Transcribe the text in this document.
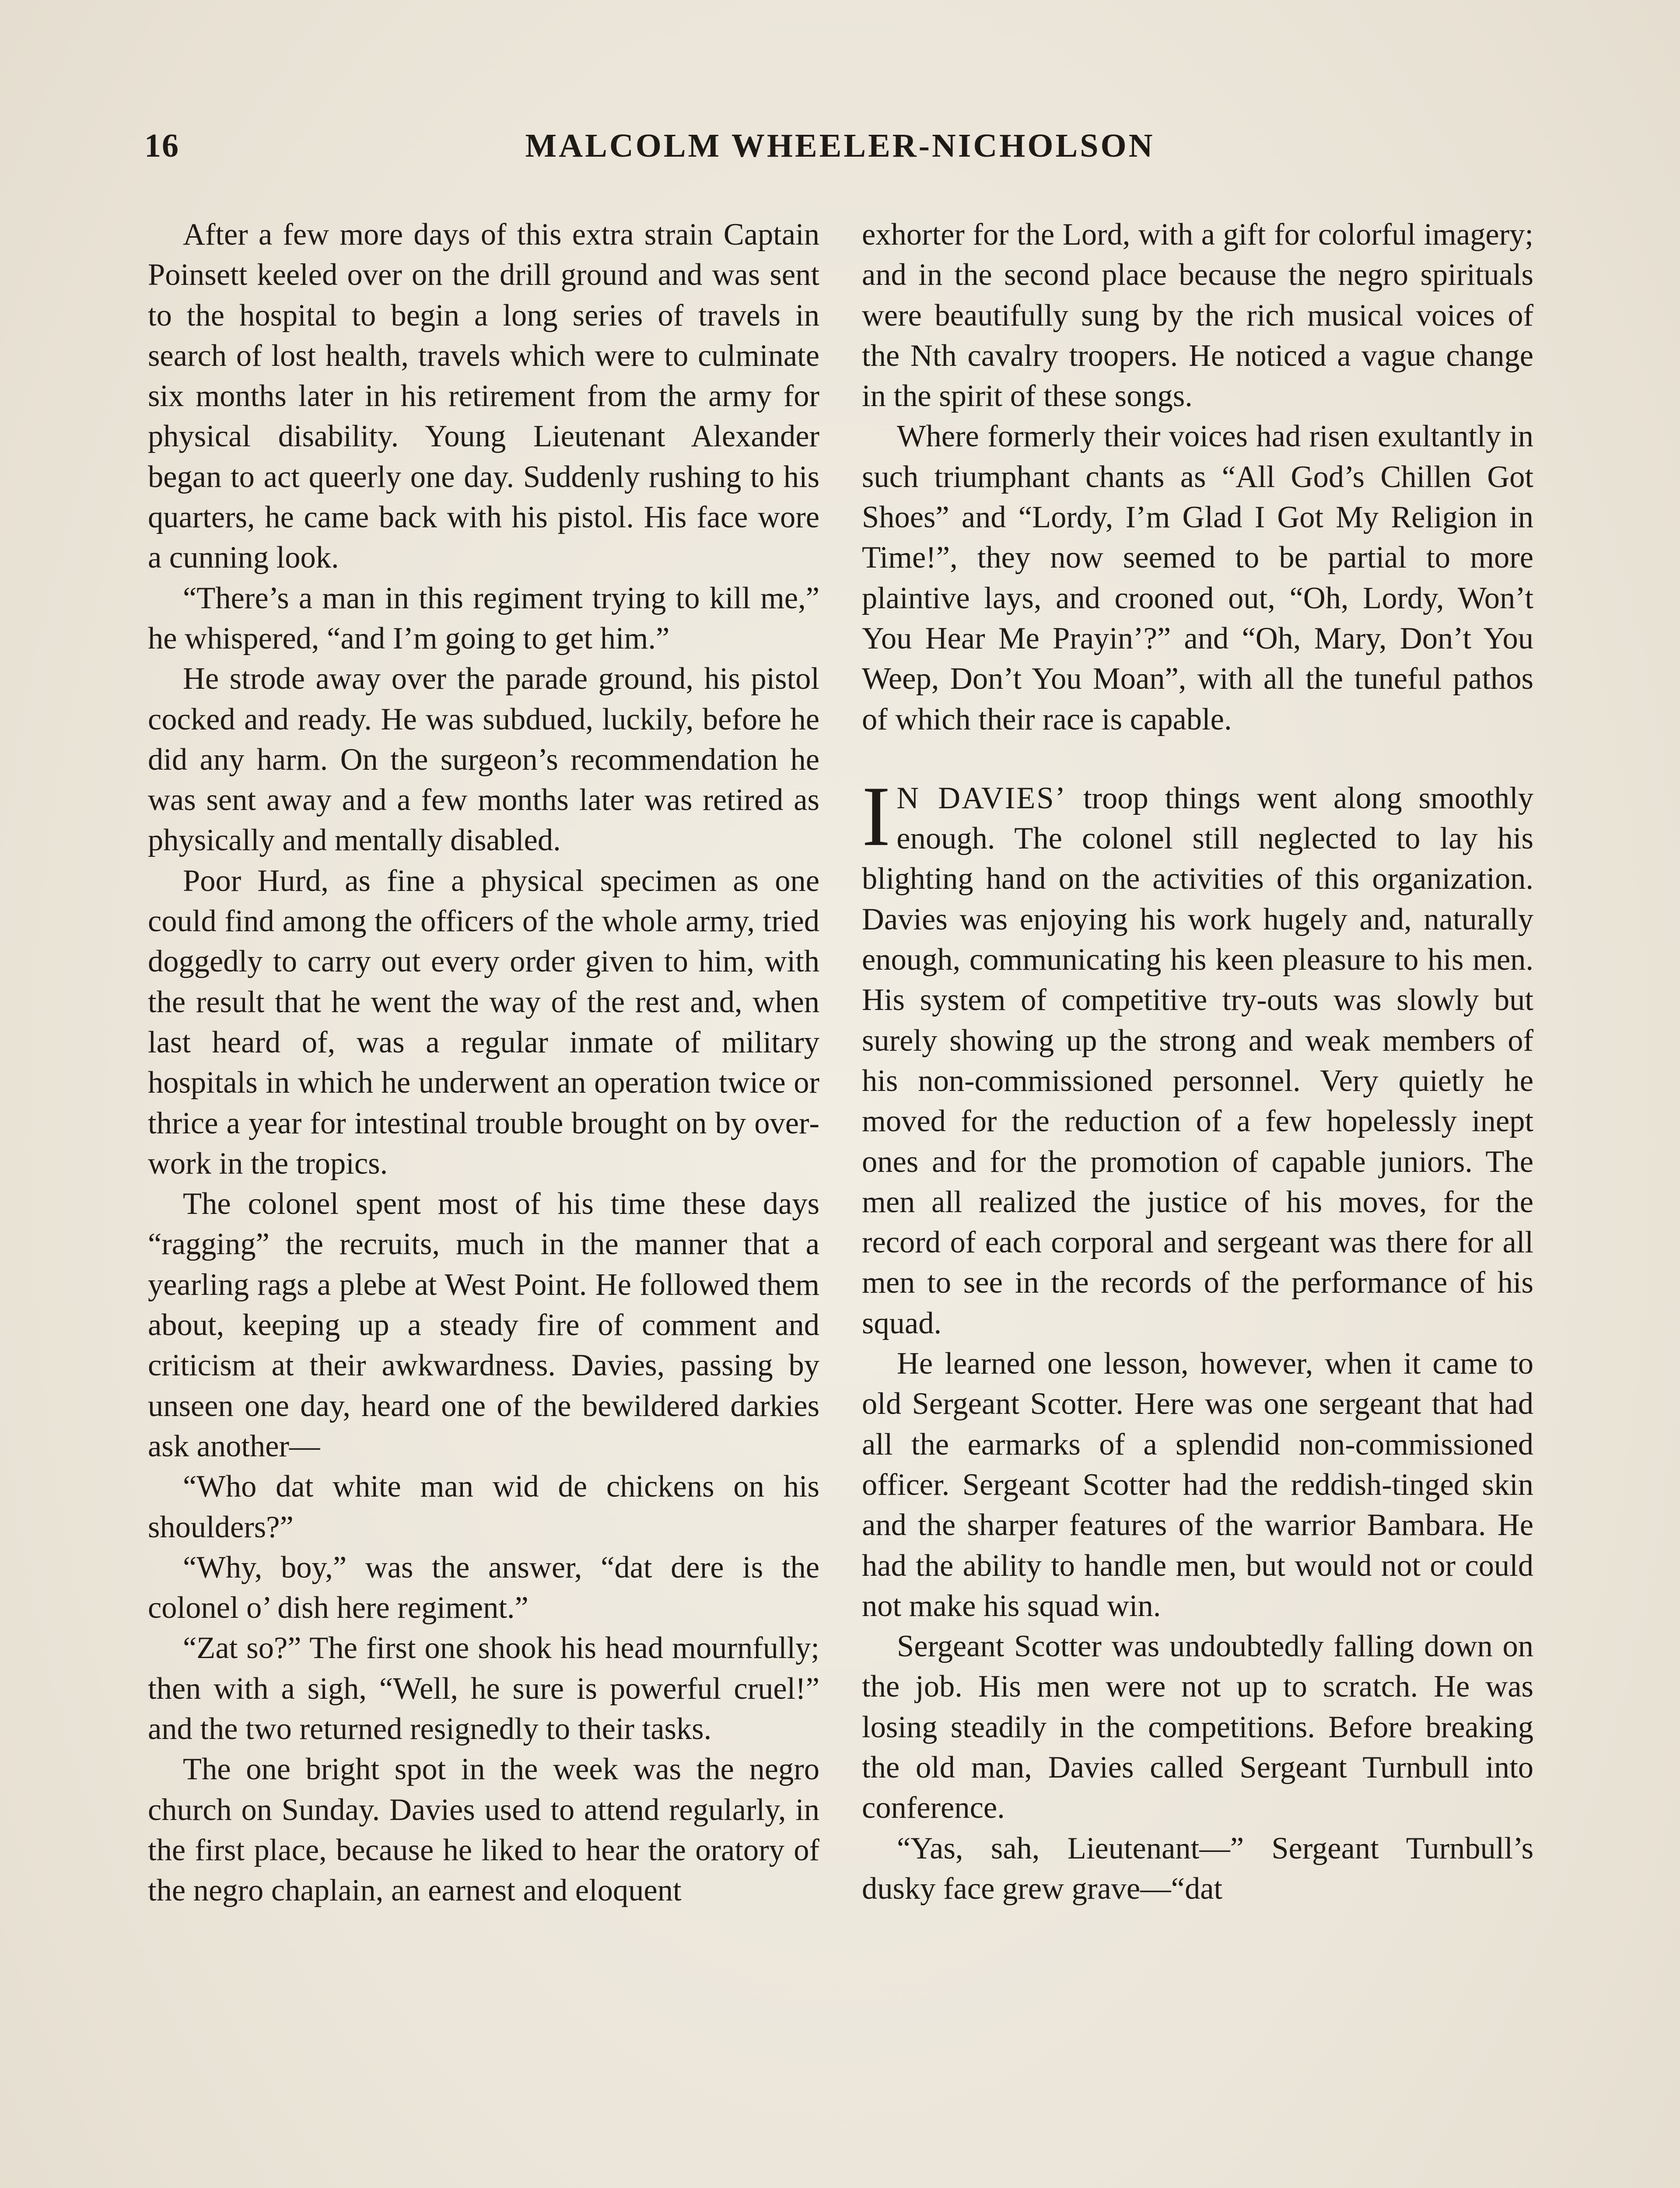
16	MALCOLM WHEELER-NICHOLSON

After a few more days of this extra strain Captain Poinsett keeled over on the drill ground and was sent to the hospital to begin a long series of travels in search of lost health, travels which were to culminate six months later in his retirement from the army for physical disability. Young Lieutenant Alexander began to act queerly one day. Suddenly rushing to his quarters, he came back with his pistol. His face wore a cunning look.

“There’s a man in this regiment trying to kill me,” he whispered, “and I’m going to get him.”

He strode away over the parade ground, his pistol cocked and ready. He was subdued, luckily, before he did any harm. On the surgeon’s recommendation he was sent away and a few months later was retired as physically and mentally disabled.

Poor Hurd, as fine a physical specimen as one could find among the officers of the whole army, tried doggedly to carry out every order given to him, with the result that he went the way of the rest and, when last heard of, was a regular inmate of military hospitals in which he underwent an operation twice or thrice a year for intestinal trouble brought on by overwork in the tropics.

The colonel spent most of his time these days “ragging” the recruits, much in the manner that a yearling rags a plebe at West Point. He followed them about, keeping up a steady fire of comment and criticism at their awkwardness. Davies, passing by unseen one day, heard one of the bewildered darkies ask another—

“Who dat white man wid de chickens on his shoulders?”

“Why, boy,” was the answer, “dat dere is the colonel o’ dish here regiment.”

“Zat so?” The first one shook his head mournfully; then with a sigh, “Well, he sure is powerful cruel!” and the two returned resignedly to their tasks.

The one bright spot in the week was the negro church on Sunday. Davies used to attend regularly, in the first place, because he liked to hear the oratory of the negro chaplain, an earnest and eloquent

exhorter for the Lord, with a gift for colorful imagery; and in the second place because the negro spirituals were beautifully sung by the rich musical voices of the Nth cavalry troopers. He noticed a vague change in the spirit of these songs.

Where formerly their voices had risen exultantly in such triumphant chants as “All God’s Chillen Got Shoes” and “Lordy, I’m Glad I Got My Religion in Time!”, they now seemed to be partial to more plaintive lays, and crooned out, “Oh, Lordy, Won’t You Hear Me Prayin’?” and “Oh, Mary, Don’t You Weep, Don’t You Moan”, with all the tuneful pathos of which their race is capable.

I N DAVIES’ troop things went along smoothly enough. The colonel still neglected to lay his blighting hand on the activities of this organization. Davies was enjoying his work hugely and, naturally enough, communicating his keen pleasure to his men. His system of competitive try-outs was slowly but surely showing up the strong and weak members of his non-commissioned personnel. Very quietly he moved for the reduction of a few hopelessly inept ones and for the promotion of capable juniors. The men all realized the justice of his moves, for the record of each corporal and sergeant was there for all men to see in the records of the performance of his squad.

He learned one lesson, however, when it came to old Sergeant Scotter. Here was one sergeant that had all the earmarks of a splendid non-commissioned officer. Sergeant Scotter had the reddish-tinged skin and the sharper features of the warrior Bambara. He had the ability to handle men, but would not or could not make his squad win.

Sergeant Scotter was undoubtedly falling down on the job. His men were not up to scratch. He was losing steadily in the competitions. Before breaking the old man, Davies called Sergeant Turnbull into conference.

“Yas, sah, Lieutenant—” Sergeant Turnbull’s dusky face grew grave—“dat
